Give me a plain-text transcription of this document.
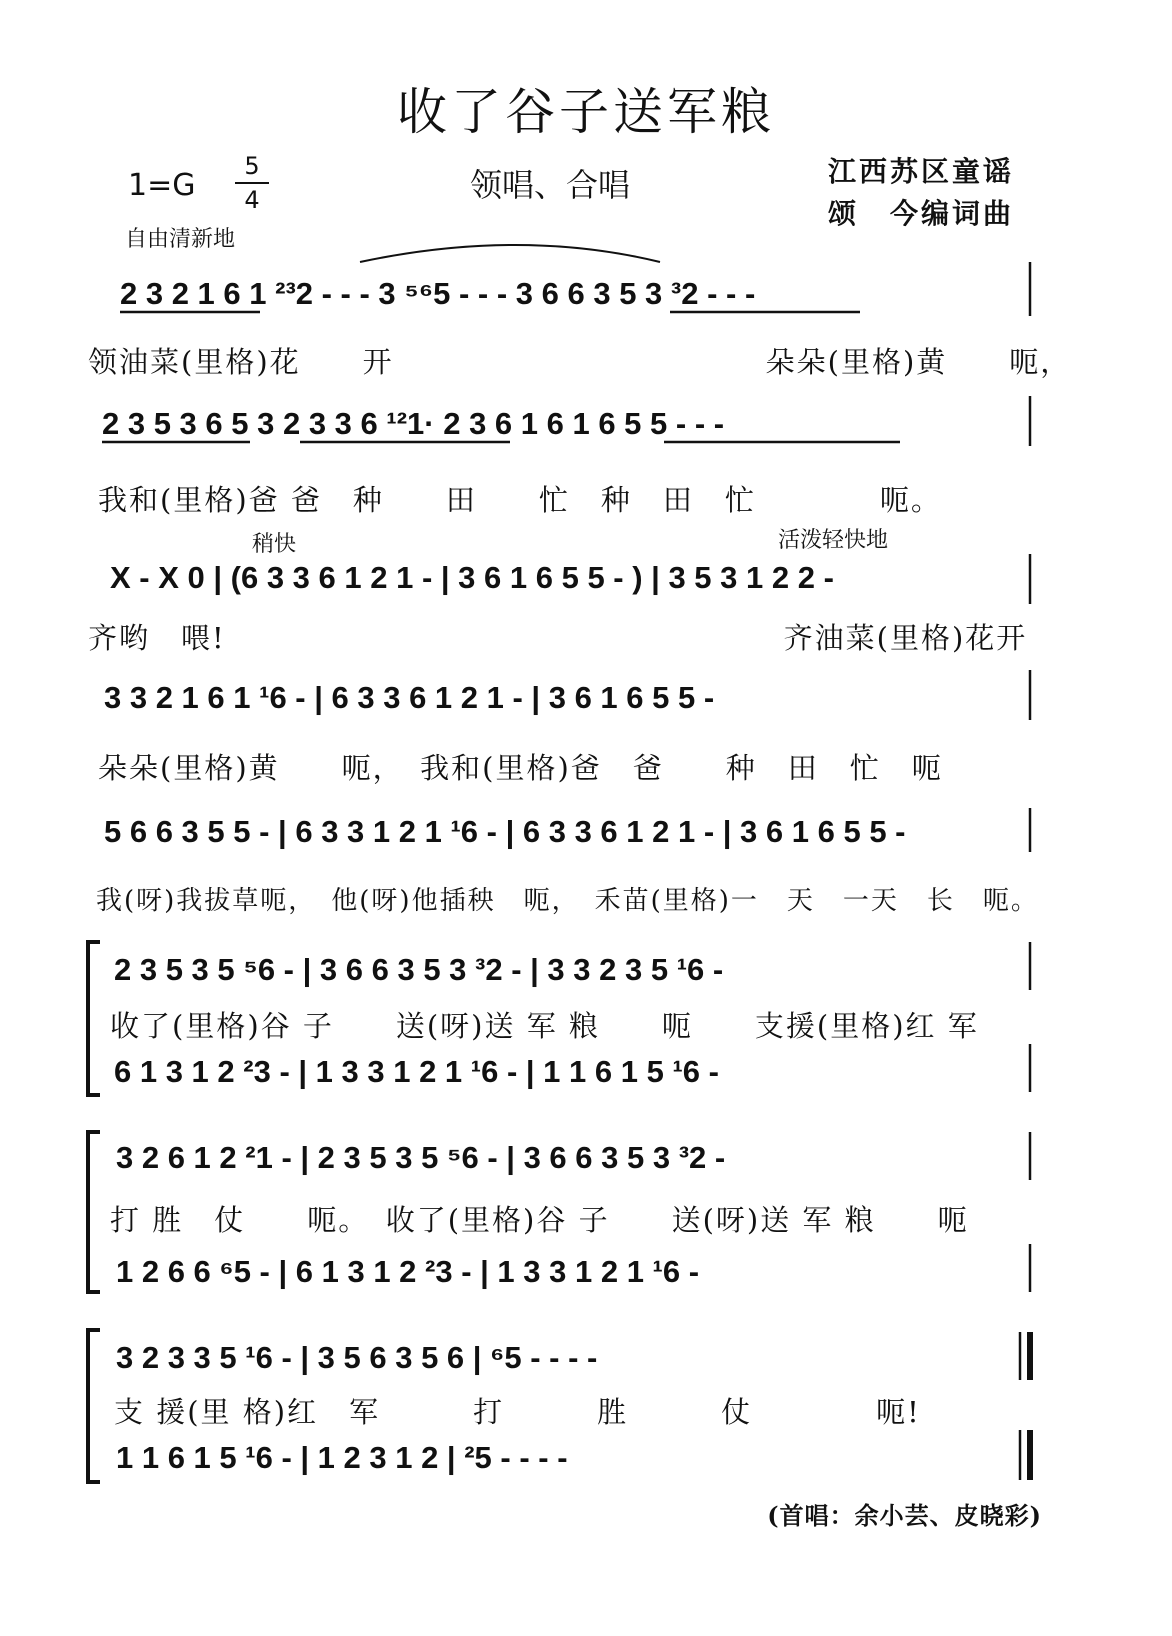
收了谷子送军粮
1=G
5
4	领唱、合唱	江西苏区童谣
颂　今编词曲
自由清新地
稍快	活泼轻快地
2 3 2 1 6 1 ²³2 - - - 3 ⁵⁶5 - - - 3 6 6 3 5 3 ³2 - - -
领油菜(里格)花　　开　　　　　　　　　　　　朵朵(里格)黄　　呃，
2 3 5 3 6 5 3 2 3 3 6 ¹²1· 2 3 6 1 6 1 6 5 5 - - -
我和(里格)爸 爸　种　　田　　忙　种　田　忙　　　　呃。
X - X 0 | (6 3 3 6 1 2 1 - | 3 6 1 6 5 5 - ) | 3 5 3 1 2 2 -
齐哟　喂!　　　　　　　　　　　　　　　　　　齐油菜(里格)花开
3 3 2 1 6 1 ¹6 - | 6 3 3 6 1 2 1 - | 3 6 1 6 5 5 -
朵朵(里格)黄　　呃，　我和(里格)爸　爸　　种　田　忙　呃
5 6 6 3 5 5 - | 6 3 3 1 2 1 ¹6 - | 6 3 3 6 1 2 1 - | 3 6 1 6 5 5 -
我(呀)我拔草呃，　他(呀)他插秧　呃，　禾苗(里格)一　天　一天　长　呃。
2 3 5 3 5 ⁵6 - | 3 6 6 3 5 3 ³2 - | 3 3 2 3 5 ¹6 -
收了(里格)谷 子　　送(呀)送 军 粮　　呃　　支援(里格)红 军
6 1 3 1 2 ²3 - | 1 3 3 1 2 1 ¹6 - | 1 1 6 1 5 ¹6 -
3 2 6 1 2 ²1 - | 2 3 5 3 5 ⁵6 - | 3 6 6 3 5 3 ³2 -
打 胜　仗　　呃。　收了(里格)谷 子　　送(呀)送 军 粮　　呃
1 2 6 6 ⁶5 - | 6 1 3 1 2 ²3 - | 1 3 3 1 2 1 ¹6 -
3 2 3 3 5 ¹6 - | 3 5 6 3 5 6 | ⁶5 - - - -
支 援(里 格)红　军　　　打　　　胜　　　仗　　　　呃!
1 1 6 1 5 ¹6 - | 1 2 3 1 2 | ²5 - - - -
(首唱：余小芸、皮晓彩)
